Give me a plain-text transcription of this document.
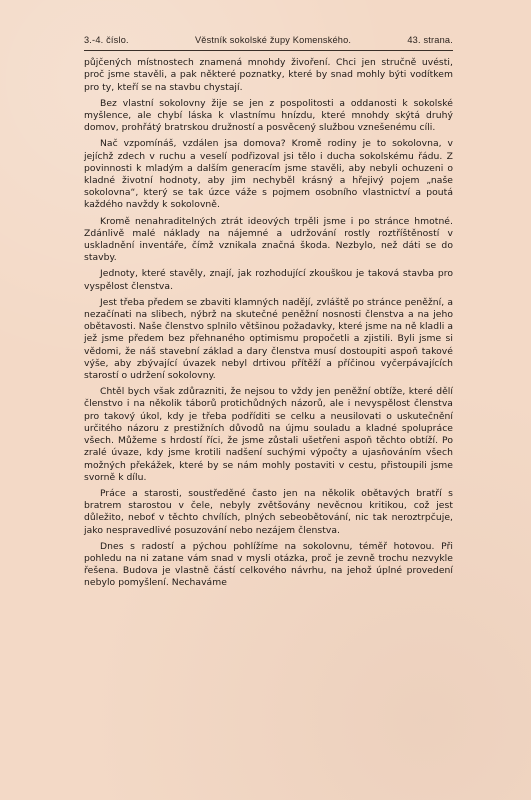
3.-4. číslo.	Věstník sokolské župy Komenského.	43. strana.

půjčených místnostech znamená mnohdy živoření. Chci jen stručně uvésti, proč jsme stavěli, a pak některé poznatky, které by snad mohly býti vodítkem pro ty, kteří se na stavbu chystají.

Bez vlastní sokolovny žije se jen z pospolitosti a oddanosti k sokolské myšlence, ale chybí láska k vlastnímu hnízdu, které mnohdy skýtá druhý domov, prohřátý bratrskou družností a posvěcený službou vznešenému cíli.

Nač vzpomínáš, vzdálen jsa domova? Kromě rodiny je to sokolovna, v jejíchž zdech v ruchu a veselí podřizoval jsi tělo i ducha sokolskému řádu. Z povinnosti k mladým a dalším generacím jsme stavěli, aby nebyli ochuzeni o kladné životní hodnoty, aby jim nechyběl krásný a hřejivý pojem „naše sokolovna“, který se tak úzce váže s pojmem osobního vlastnictví a poutá každého navždy k sokolovně.

Kromě nenahraditelných ztrát ideových trpěli jsme i po stránce hmotné. Zdánlivě malé náklady na nájemné a udržování rostly roztříštěností v uskladnění inventáře, čímž vznikala značná škoda. Nezbylo, než dáti se do stavby.

Jednoty, které stavěly, znají, jak rozhodující zkouškou je taková stavba pro vyspělost členstva.

Jest třeba předem se zbaviti klamných nadějí, zvláště po stránce peněžní, a nezačínati na slibech, nýbrž na skutečné peněžní nosnosti členstva a na jeho obětavosti. Naše členstvo splnilo většinou požadavky, které jsme na ně kladli a jež jsme předem bez přehnaného optimismu propočetli a zjistili. Byli jsme si vědomi, že náš stavební základ a dary členstva musí dostoupiti aspoň takové výše, aby zbývající úvazek nebyl drtivou přítěží a příčinou vyčerpávajících starostí o udržení sokolovny.

Chtěl bych však zdůrazniti, že nejsou to vždy jen peněžní obtíže, které dělí členstvo i na několik táborů protichůdných názorů, ale i nevyspělost členstva pro takový úkol, kdy je třeba podříditi se celku a neusilovati o uskutečnění určitého názoru z prestižních důvodů na újmu souladu a kladné spolupráce všech. Můžeme s hrdostí říci, že jsme zůstali ušetřeni aspoň těchto obtíží. Po zralé úvaze, kdy jsme krotili nadšení suchými výpočty a ujasňováním všech možných překážek, které by se nám mohly postaviti v cestu, přistoupili jsme svorně k dílu.

Práce a starosti, soustředěné často jen na několik obětavých bratří s bratrem starostou v čele, nebyly zvětšovány nevěcnou kritikou, což jest důležito, neboť v těchto chvílích, plných sebeobětování, nic tak neroztrpčuje, jako nespravedlivé posuzování nebo nezájem členstva.

Dnes s radostí a pýchou pohlížíme na sokolovnu, téměř hotovou. Při pohledu na ni zatane vám snad v mysli otázka, proč je zevně trochu nezvykle řešena. Budova je vlastně částí celkového návrhu, na jehož úplné provedení nebylo pomyšlení. Nechaváme
